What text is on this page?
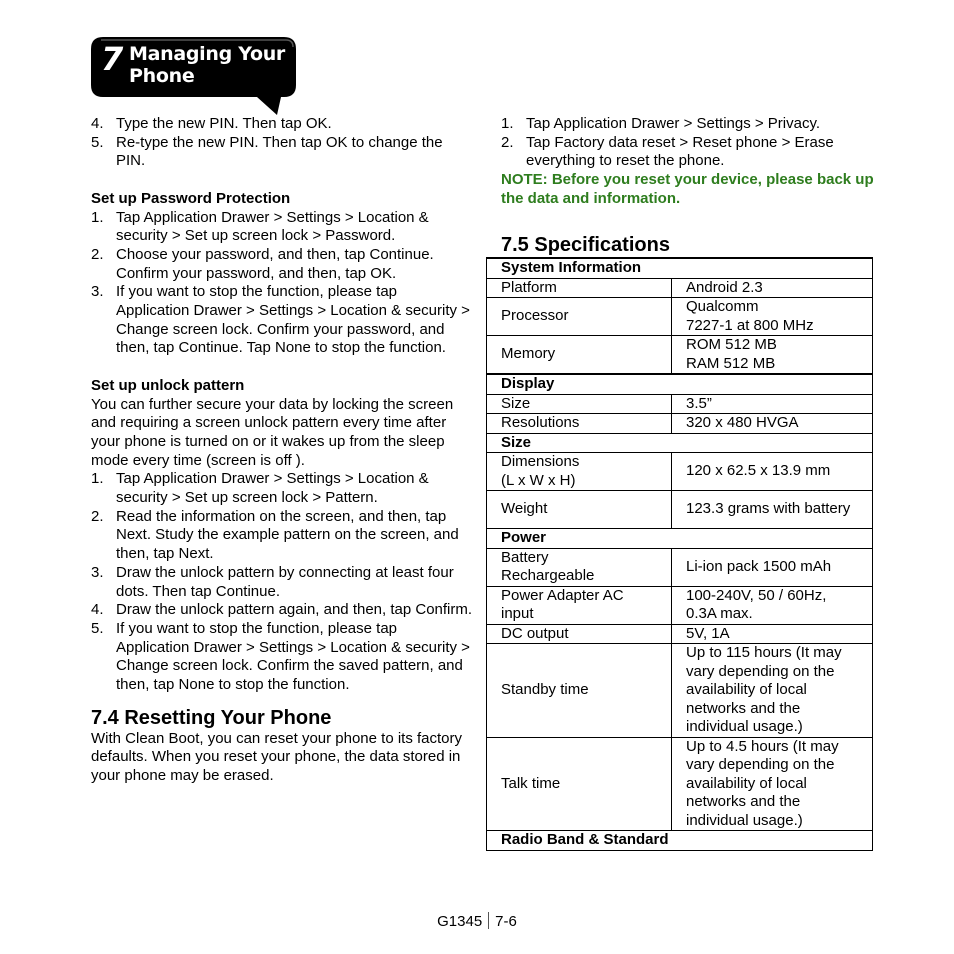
7 Managing Your Phone
4. Type the new PIN. Then tap OK.
5. Re-type the new PIN. Then tap OK to change the PIN.
Set up Password Protection
1. Tap Application Drawer > Settings > Location & security > Set up screen lock > Password.
2. Choose your password, and then, tap Continue. Confirm your password, and then, tap OK.
3. If you want to stop the function, please tap Application Drawer > Settings > Location & security > Change screen lock. Confirm your password, and then, tap Continue. Tap None to stop the function.
Set up unlock pattern

You can further secure your data by locking the screen and requiring a screen unlock pattern every time after your phone is turned on or it wakes up from the sleep mode every time (screen is off ).

1. Tap Application Drawer > Settings > Location & security > Set up screen lock > Pattern.
2. Read the information on the screen, and then, tap Next. Study the example pattern on the screen, and then, tap Next.
3. Draw the unlock pattern by connecting at least four dots. Then tap Continue.
4. Draw the unlock pattern again, and then, tap Confirm.
5. If you want to stop the function, please tap Application Drawer > Settings > Location & security > Change screen lock. Confirm the saved pattern, and then, tap None to stop the function.
7.4 Resetting Your Phone

With Clean Boot, you can reset your phone to its factory defaults. When you reset your phone, the data stored in your phone may be erased.

1. Tap Application Drawer > Settings > Privacy.
2. Tap Factory data reset > Reset phone > Erase everything to reset the phone.

NOTE: Before you reset your device, please back up the data and information.

7.5 Specifications
System Information	
Platform	Android 2.3
Processor	Qualcomm
7227-1 at 800 MHz
Memory	ROM 512 MB
RAM 512 MB
Display	
Size	3.5”
Resolutions	320 x 480 HVGA
Size	
Dimensions
(L x W x H)	120 x 62.5 x 13.9 mm
Weight	123.3 grams with battery
Power	
Battery Rechargeable	Li-ion pack 1500 mAh
Power Adapter AC input	100-240V, 50 / 60Hz, 0.3A max.
DC output	5V, 1A
Standby time	Up to 115 hours (It may vary depending on the availability of local networks and the individual usage.)
Talk time	Up to 4.5 hours (It may vary depending on the availability of local networks and the individual usage.)
Radio Band & Standard	
G1345 7-6
